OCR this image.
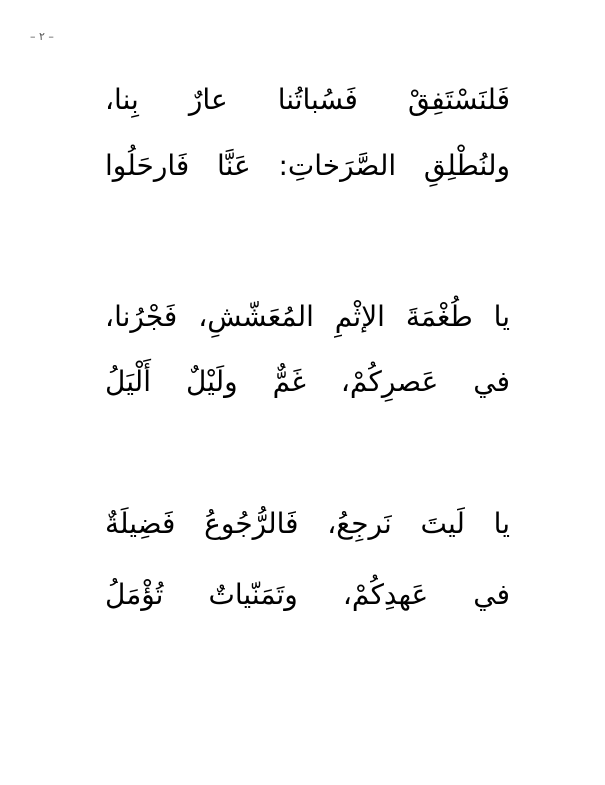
– ٢ –
فَلنَسْتَفِقْ
فَسُباتُنا
عارٌ
بِنا،
ولنُطْلِقِ
الصَّرَخاتِ:
عَنَّا
فَارحَلُوا
يا
طُغْمَةَ
الإثْمِ
المُعَشّشِ،
فَجْرُنا،
في
عَصرِكُمْ،
غَمٌّ
ولَيْلٌ
أَلْيَلُ
يا
لَيتَ
نَرجِعُ،
فَالرُّجُوعُ
فَضِيلَةٌ
في
عَهدِكُمْ،
وتَمَنّياتٌ
تُؤْمَلُ
